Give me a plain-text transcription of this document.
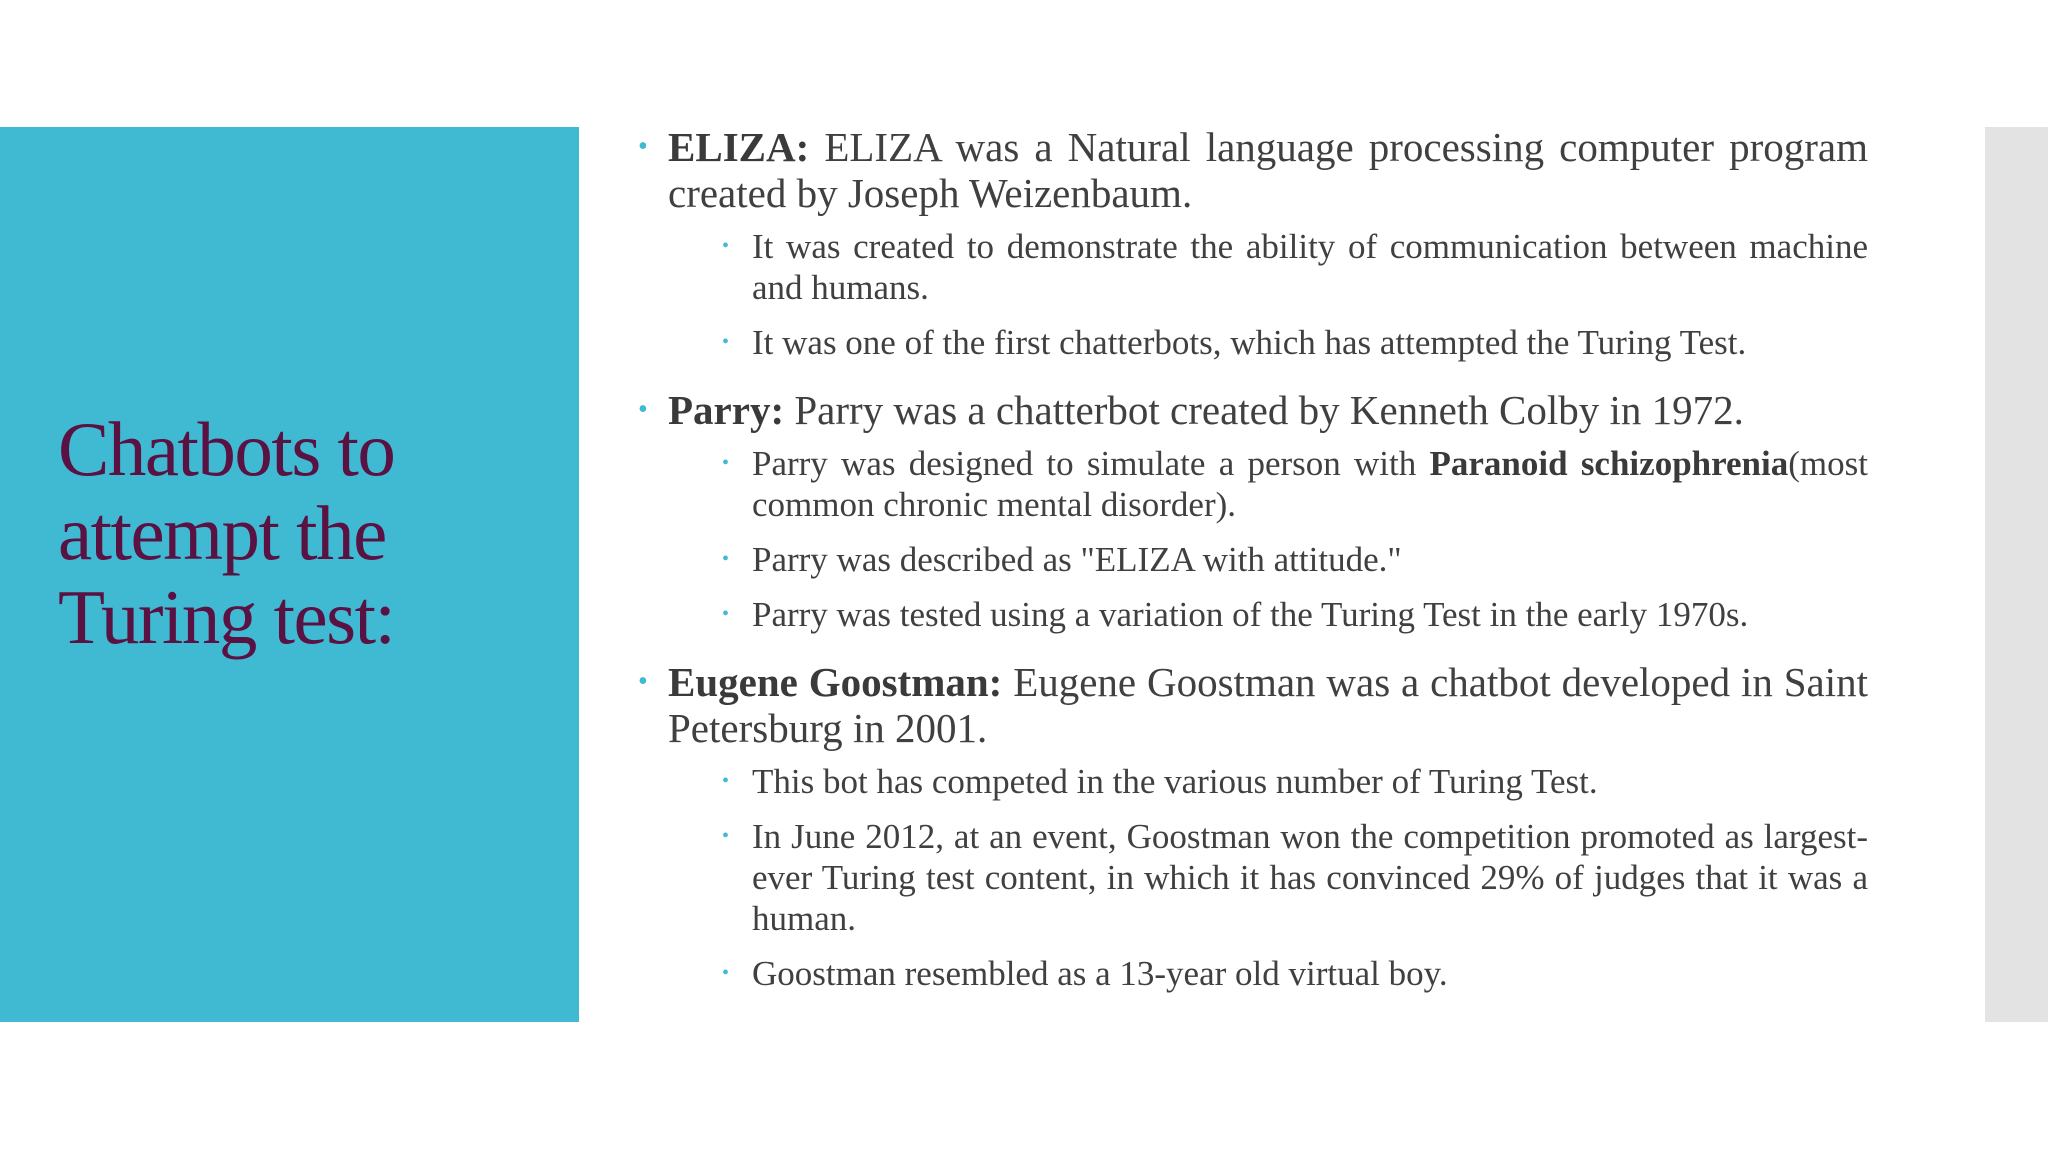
Chatbots to
attempt the
Turing test:
• ELIZA: ELIZA was a Natural language processing computer program created by Joseph Weizenbaum.
• It was created to demonstrate the ability of communication between machine and humans.
• It was one of the first chatterbots, which has attempted the Turing Test.
• Parry: Parry was a chatterbot created by Kenneth Colby in 1972.
• Parry was designed to simulate a person with Paranoid schizophrenia(most common chronic mental disorder).
• Parry was described as "ELIZA with attitude."
• Parry was tested using a variation of the Turing Test in the early 1970s.
• Eugene Goostman: Eugene Goostman was a chatbot developed in Saint Petersburg in 2001.
• This bot has competed in the various number of Turing Test.
• In June 2012, at an event, Goostman won the competition promoted as largest-ever Turing test content, in which it has convinced 29% of judges that it was a human.
• Goostman resembled as a 13-year old virtual boy.
